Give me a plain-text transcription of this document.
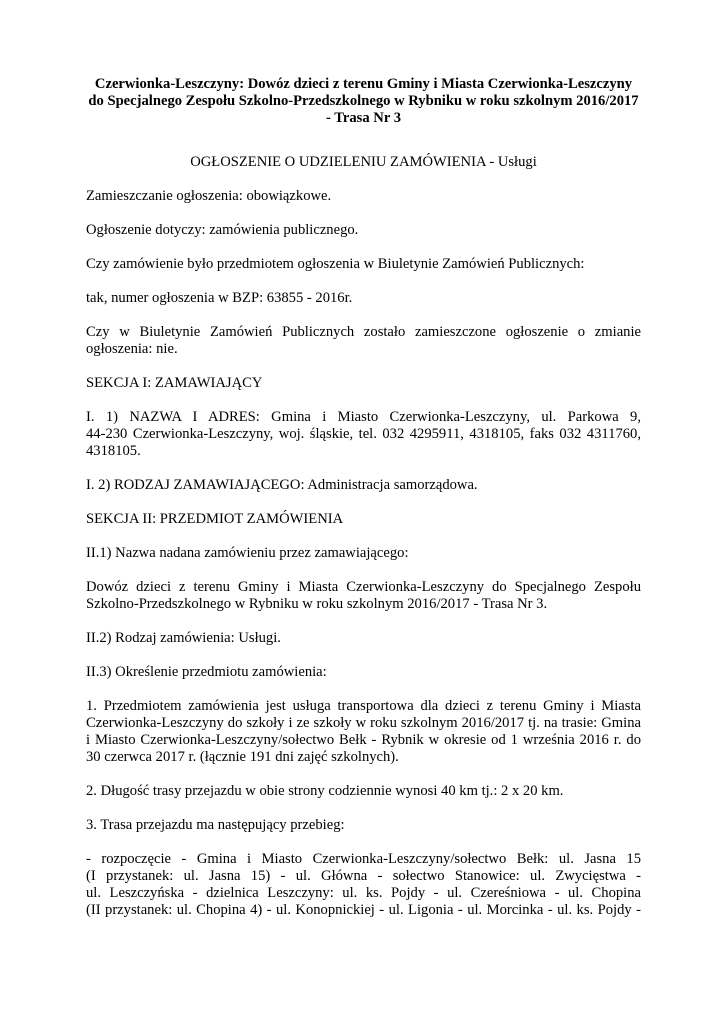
Czerwionka-Leszczyny: Dowóz dzieci z terenu Gminy i Miasta Czerwionka-Leszczyny
do Specjalnego Zespołu Szkolno-Przedszkolnego w Rybniku w roku szkolnym 2016/2017
- Trasa Nr 3
OGŁOSZENIE O UDZIELENIU ZAMÓWIENIA - Usługi

Zamieszczanie ogłoszenia: obowiązkowe.

Ogłoszenie dotyczy: zamówienia publicznego.

Czy zamówienie było przedmiotem ogłoszenia w Biuletynie Zamówień Publicznych:

tak, numer ogłoszenia w BZP: 63855 - 2016r.

Czy w Biuletynie Zamówień Publicznych zostało zamieszczone ogłoszenie o zmianie
ogłoszenia: nie.

SEKCJA I: ZAMAWIAJĄCY

I. 1) NAZWA I ADRES: Gmina i Miasto Czerwionka-Leszczyny, ul. Parkowa 9,
44-230 Czerwionka-Leszczyny, woj. śląskie, tel. 032 4295911, 4318105, faks 032 4311760,
4318105.

I. 2) RODZAJ ZAMAWIAJĄCEGO: Administracja samorządowa.

SEKCJA II: PRZEDMIOT ZAMÓWIENIA

II.1) Nazwa nadana zamówieniu przez zamawiającego:

Dowóz dzieci z terenu Gminy i Miasta Czerwionka-Leszczyny do Specjalnego Zespołu
Szkolno-Przedszkolnego w Rybniku w roku szkolnym 2016/2017 - Trasa Nr 3.

II.2) Rodzaj zamówienia: Usługi.

II.3) Określenie przedmiotu zamówienia:

1. Przedmiotem zamówienia jest usługa transportowa dla dzieci z terenu Gminy i Miasta
Czerwionka-Leszczyny do szkoły i ze szkoły w roku szkolnym 2016/2017 tj. na trasie: Gmina
i Miasto Czerwionka-Leszczyny/sołectwo Bełk - Rybnik w okresie od 1 września 2016 r. do
30 czerwca 2017 r. (łącznie 191 dni zajęć szkolnych).

2. Długość trasy przejazdu w obie strony codziennie wynosi 40 km tj.: 2 x 20 km.

3. Trasa przejazdu ma następujący przebieg:

- rozpoczęcie - Gmina i Miasto Czerwionka-Leszczyny/sołectwo Bełk: ul. Jasna 15
(I przystanek: ul. Jasna 15) - ul. Główna - sołectwo Stanowice: ul. Zwycięstwa -
ul. Leszczyńska - dzielnica Leszczyny: ul. ks. Pojdy - ul. Czereśniowa - ul. Chopina
(II przystanek: ul. Chopina 4) - ul. Konopnickiej - ul. Ligonia - ul. Morcinka - ul. ks. Pojdy -
